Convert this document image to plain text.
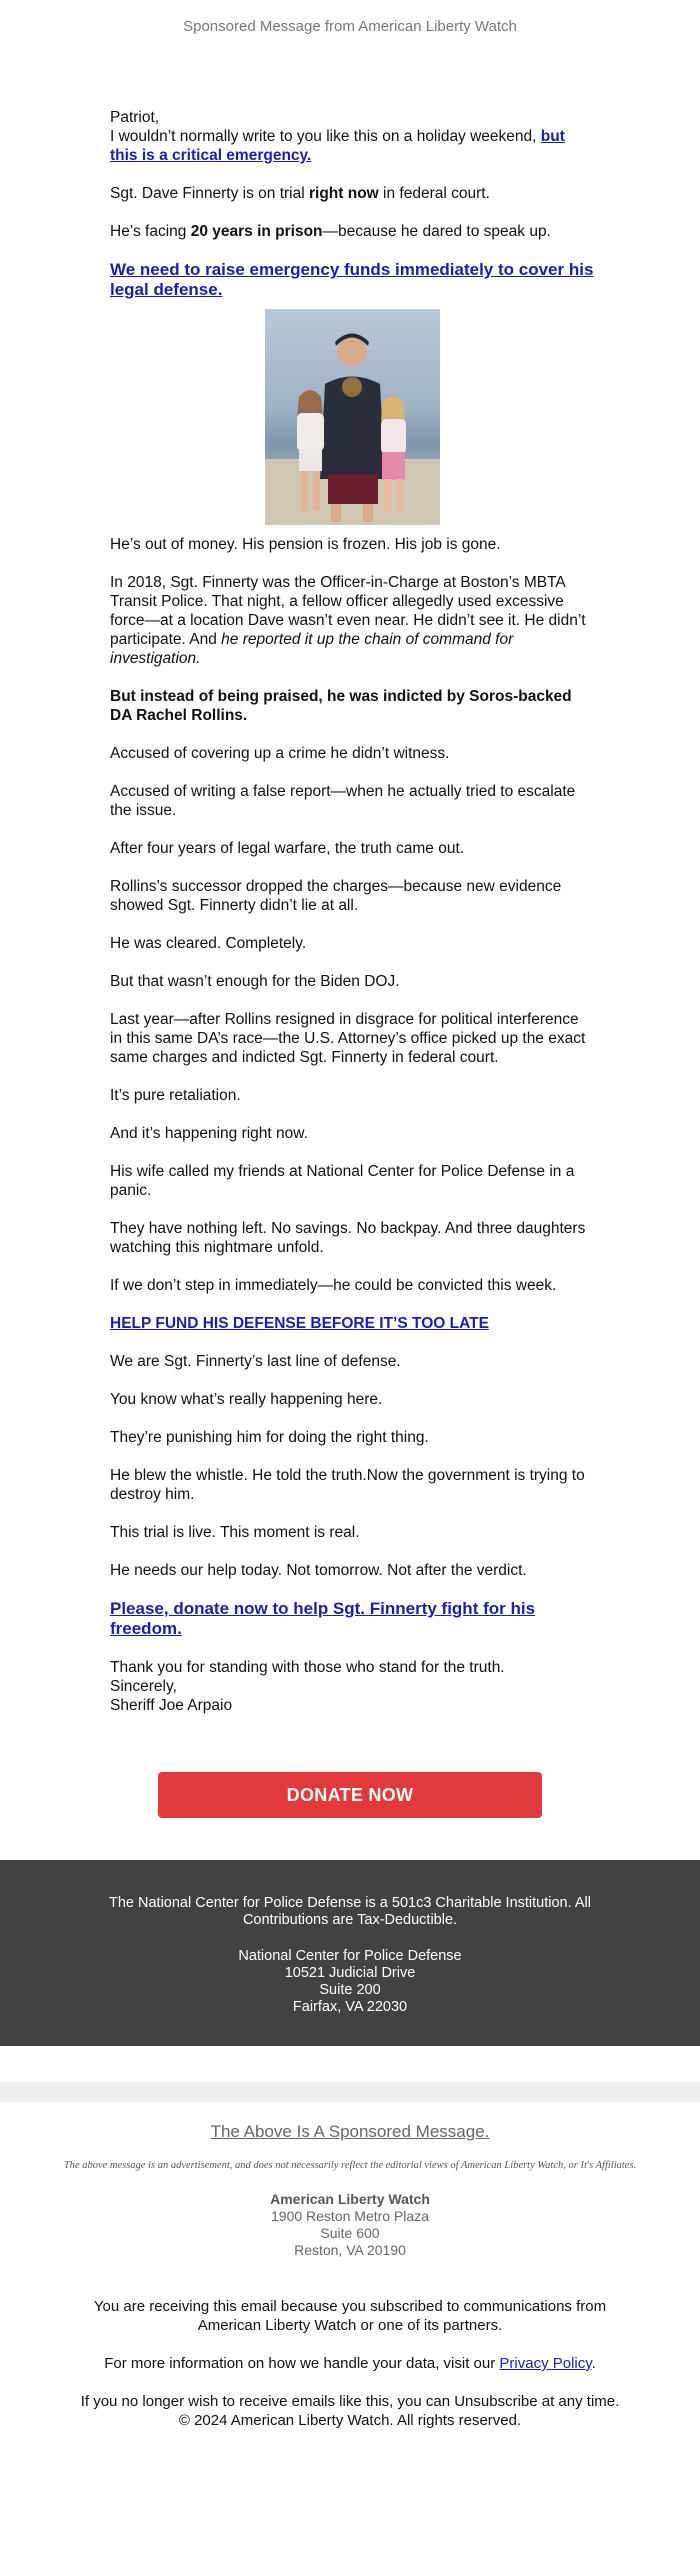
Sponsored Message from American Liberty Watch

Patriot,
I wouldn’t normally write to you like this on a holiday weekend, but this is a critical emergency.

Sgt. Dave Finnerty is on trial right now in federal court.

He’s facing 20 years in prison—because he dared to speak up.

We need to raise emergency funds immediately to cover his legal defense.

He’s out of money. His pension is frozen. His job is gone.

In 2018, Sgt. Finnerty was the Officer-in-Charge at Boston’s MBTA Transit Police. That night, a fellow officer allegedly used excessive force—at a location Dave wasn’t even near. He didn’t see it. He didn’t participate. And he reported it up the chain of command for investigation.

But instead of being praised, he was indicted by Soros-backed DA Rachel Rollins.

Accused of covering up a crime he didn’t witness.

Accused of writing a false report—when he actually tried to escalate the issue.

After four years of legal warfare, the truth came out.

Rollins’s successor dropped the charges—because new evidence showed Sgt. Finnerty didn’t lie at all.

He was cleared. Completely.

But that wasn’t enough for the Biden DOJ.

Last year—after Rollins resigned in disgrace for political interference in this same DA’s race—the U.S. Attorney’s office picked up the exact same charges and indicted Sgt. Finnerty in federal court.

It’s pure retaliation.

And it’s happening right now.

His wife called my friends at National Center for Police Defense in a panic.

They have nothing left. No savings. No backpay. And three daughters watching this nightmare unfold.

If we don’t step in immediately—he could be convicted this week.

HELP FUND HIS DEFENSE BEFORE IT’S TOO LATE

We are Sgt. Finnerty’s last line of defense.

You know what’s really happening here.

They’re punishing him for doing the right thing.

He blew the whistle. He told the truth.Now the government is trying to destroy him.

This trial is live. This moment is real.

He needs our help today. Not tomorrow. Not after the verdict.

Please, donate now to help Sgt. Finnerty fight for his freedom.

Thank you for standing with those who stand for the truth.
Sincerely,
Sheriff Joe Arpaio

DONATE NOW
The National Center for Police Defense is a 501c3 Charitable Institution. All Contributions are Tax-Deductible.
National Center for Police Defense
10521 Judicial Drive
Suite 200
Fairfax, VA 22030
The Above Is A Sponsored Message.
The above message is an advertisement, and does not necessarily reflect the editorial views of American Liberty Watch, or It's Affiliates.
American Liberty Watch
1900 Reston Metro Plaza
Suite 600
Reston, VA 20190

You are receiving this email because you subscribed to communications from American Liberty Watch or one of its partners.

For more information on how we handle your data, visit our Privacy Policy.

If you no longer wish to receive emails like this, you can Unsubscribe at any time.
© 2024 American Liberty Watch. All rights reserved.
